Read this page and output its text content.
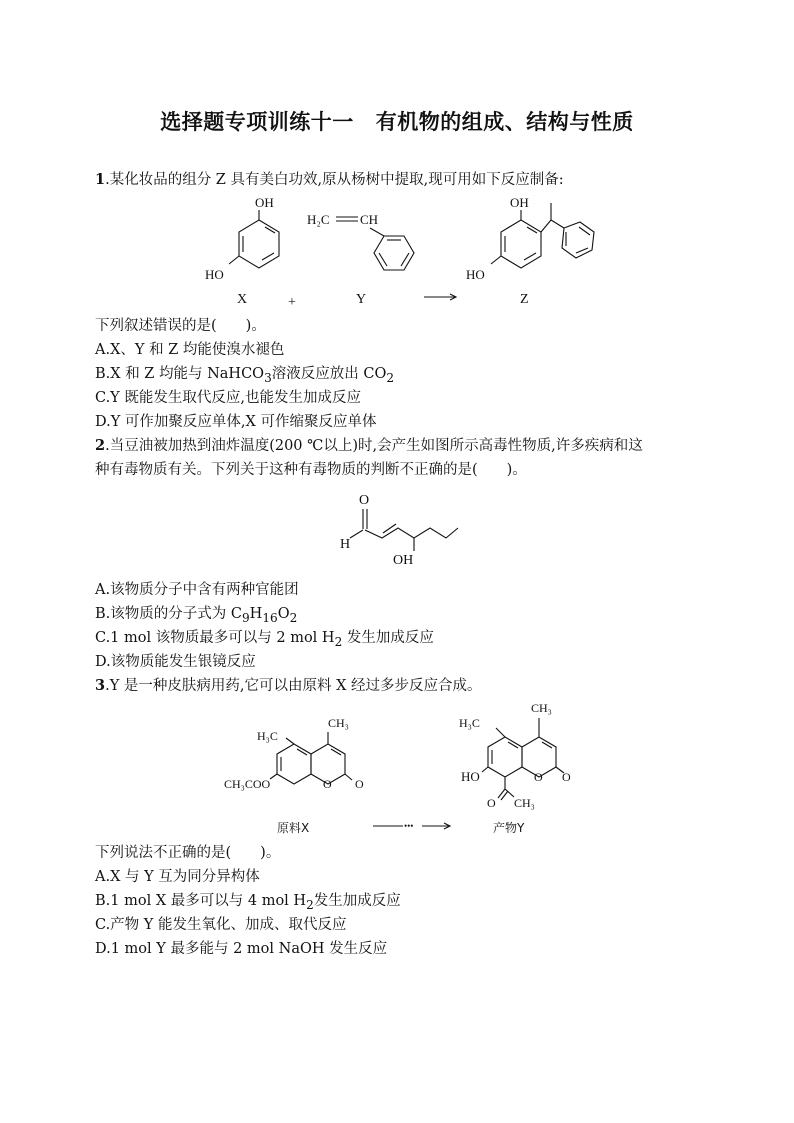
选择题专项训练十一 有机物的组成、结构与性质
1.某化妆品的组分 Z 具有美白功效,原从杨树中提取,现可用如下反应制备:
OH
HO
H₂C CH
OH
HO
X	+	Y	Z
O
H
OH
CH₃
H₃C
CH₃COO	O O
原料X	•••
CH₃
H₃C
HO	O O
O CH₃
产物Y
下列叙述错误的是(　　)。
A.X、Y 和 Z 均能使溴水褪色
B.X 和 Z 均能与 NaHCO$_3$溶液反应放出 $CO_2$
C.Y 既能发生取代反应,也能发生加成反应
D.Y 可作加聚反应单体,X 可作缩聚反应单体
2.当豆油被加热到油炸温度(200 ℃以上)时,会产生如图所示高毒性物质,许多疾病和这
种有毒物质有关。下列关于这种有毒物质的判断不正确的是(　　)。
A.该物质分子中含有两种官能团
B.该物质的分子式为 $C_9H_{16}O_2$
C.1 mol 该物质最多可以与 2 mol $H_2$ 发生加成反应
D.该物质能发生银镜反应
3.Y 是一种皮肤病用药,它可以由原料 X 经过多步反应合成。
下列说法不正确的是(　　)。
A.X 与 Y 互为同分异构体
B.1 mol X 最多可以与 4 mol $H_2$发生加成反应
C.产物 Y 能发生氧化、加成、取代反应
D.1 mol Y 最多能与 2 mol NaOH 发生反应
